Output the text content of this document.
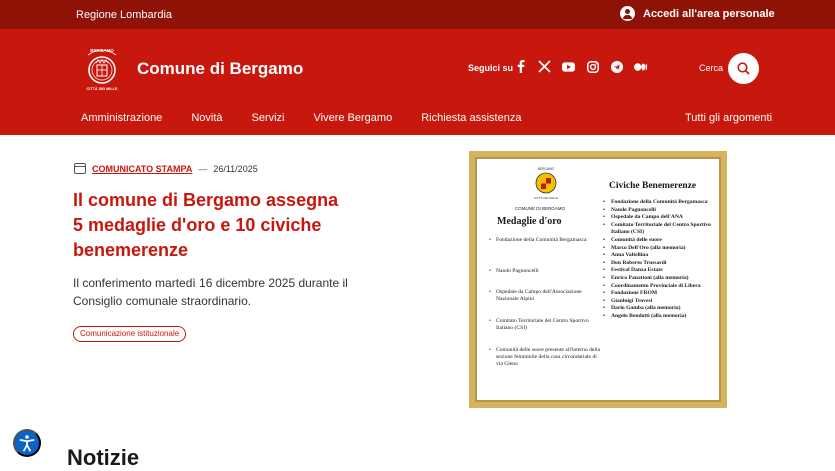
Regione Lombardia	Accedi all'area personale
BERGAMO
CITTÀ DEI MILLE
Comune di Bergamo	Seguici su	Cerca
Amministrazione	Novità	Servizi	Vivere Bergamo	Richiesta assistenza	Tutti gli argomenti
COMUNICATO STAMPA — 26/11/2025
Il comune di Bergamo assegna 5 medaglie d'oro e 10 civiche benemerenze

Il conferimento martedì 16 dicembre 2025 durante il Consiglio comunale straordinario.

Comunicazione istituzionale
BERGAMO
CITTÀ DEI MILLE
COMUNE DI BERGAMO
Medaglie d'oro
• Fondazione della Comunità Bergamasca
• Nando Pagnoncelli
• Ospedale da Campo dell'Associazione Nazionale Alpini
• Comitato Territoriale del Centro Sportivo Italiano (CSI)
• Comunità delle suore presente all'interno della sezione femminile della casa circondariale di via Gleno
Civiche Benemerenze
• Fondazione della Comunità Bergamasca
• Nando Pagnoncelli
• Ospedale da Campo dell'ANA
• Comitato Territoriale del Centro Sportivo Italiano (CSI)
• Comunità delle suore
• Marco Dell'Oro (alla memoria)
• Anna Valtellina
• Don Roberto Trussardi
• Festival Danza Estate
• Enrico Panattoni (alla memoria)
• Coordinamento Provinciale di Libera
• Fondazione FROM
• Gianluigi Trovesi
• Dario Gamba (alla memoria)
• Angelo Bendotti (alla memoria)
Notizie
